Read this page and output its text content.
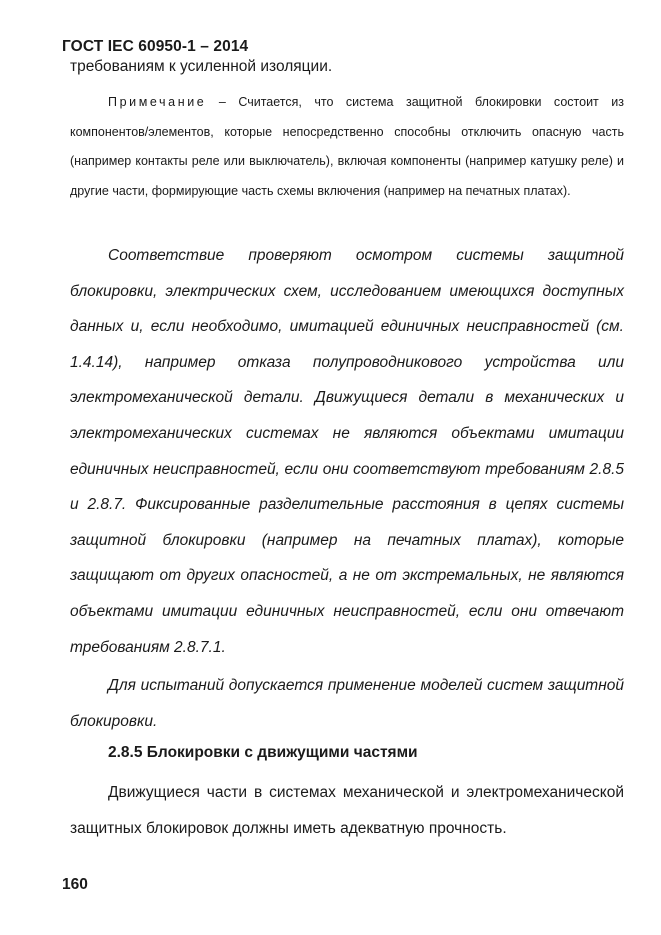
ГОСТ IEC 60950-1 – 2014
требованиям к усиленной изоляции.

Примечание – Считается, что система защитной блокировки состоит из компонентов/элементов, которые непосредственно способны отключить опасную часть (например контакты реле или выключатель), включая компоненты (например катушку реле) и другие части, формирующие часть схемы включения (например на печатных платах).

Соответствие проверяют осмотром системы защитной блокировки, электрических схем, исследованием имеющихся доступных данных и, если необходимо, имитацией единичных неисправностей (см. 1.4.14), например отказа полупроводникового устройства или электромеханической детали. Движущиеся детали в механических и электромеханических системах не являются объектами имитации единичных неисправностей, если они соответствуют требованиям 2.8.5 и 2.8.7. Фиксированные разделительные расстояния в цепях системы защитной блокировки (например на печатных платах), которые защищают от других опасностей, а не от экстремальных, не являются объектами имитации единичных неисправностей, если они отвечают требованиям 2.8.7.1.

Для испытаний допускается применение моделей систем защитной блокировки.

2.8.5 Блокировки с движущими частями

Движущиеся части в системах механической и электромеханической защитных блокировок должны иметь адекватную прочность.

160
